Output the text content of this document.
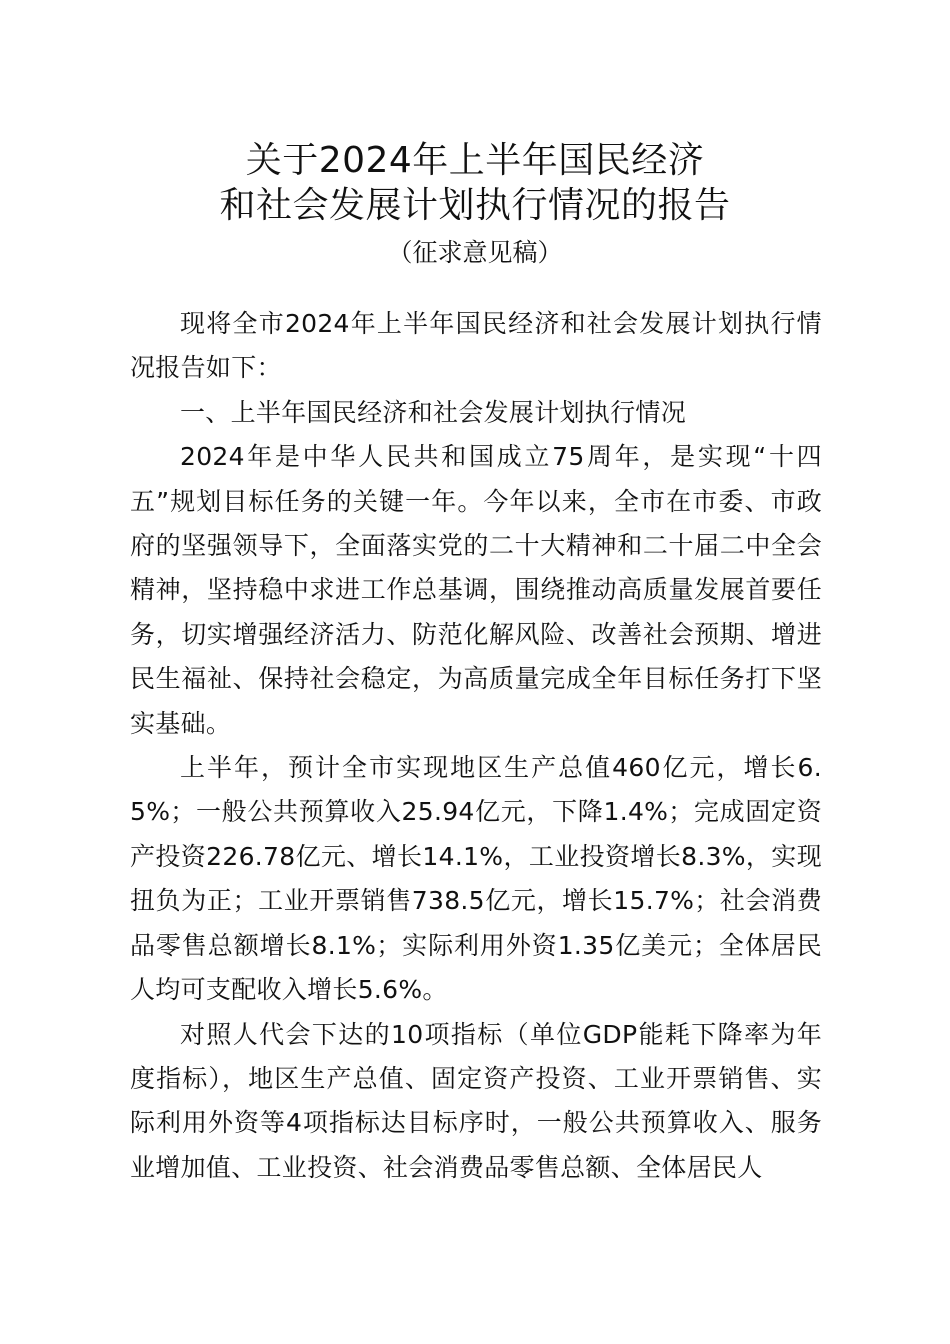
关于2024年上半年国民经济
和社会发展计划执行情况的报告
（征求意见稿）

现将全市2024年上半年国民经济和社会发展计划执行情况报告如下：

一、上半年国民经济和社会发展计划执行情况

2024年是中华人民共和国成立75周年，是实现“十四五”规划目标任务的关键一年。今年以来，全市在市委、市政府的坚强领导下，全面落实党的二十大精神和二十届二中全会精神，坚持稳中求进工作总基调，围绕推动高质量发展首要任务，切实增强经济活力、防范化解风险、改善社会预期、增进民生福祉、保持社会稳定，为高质量完成全年目标任务打下坚实基础。

上半年，预计全市实现地区生产总值460亿元，增长6.5%；一般公共预算收入25.94亿元，下降1.4%；完成固定资产投资226.78亿元、增长14.1%，工业投资增长8.3%，实现扭负为正；工业开票销售738.5亿元，增长15.7%；社会消费品零售总额增长8.1%；实际利用外资1.35亿美元；全体居民人均可支配收入增长5.6%。

对照人代会下达的10项指标（单位GDP能耗下降率为年度指标），地区生产总值、固定资产投资、工业开票销售、实际利用外资等4项指标达目标序时，一般公共预算收入、服务业增加值、工业投资、社会消费品零售总额、全体居民人
